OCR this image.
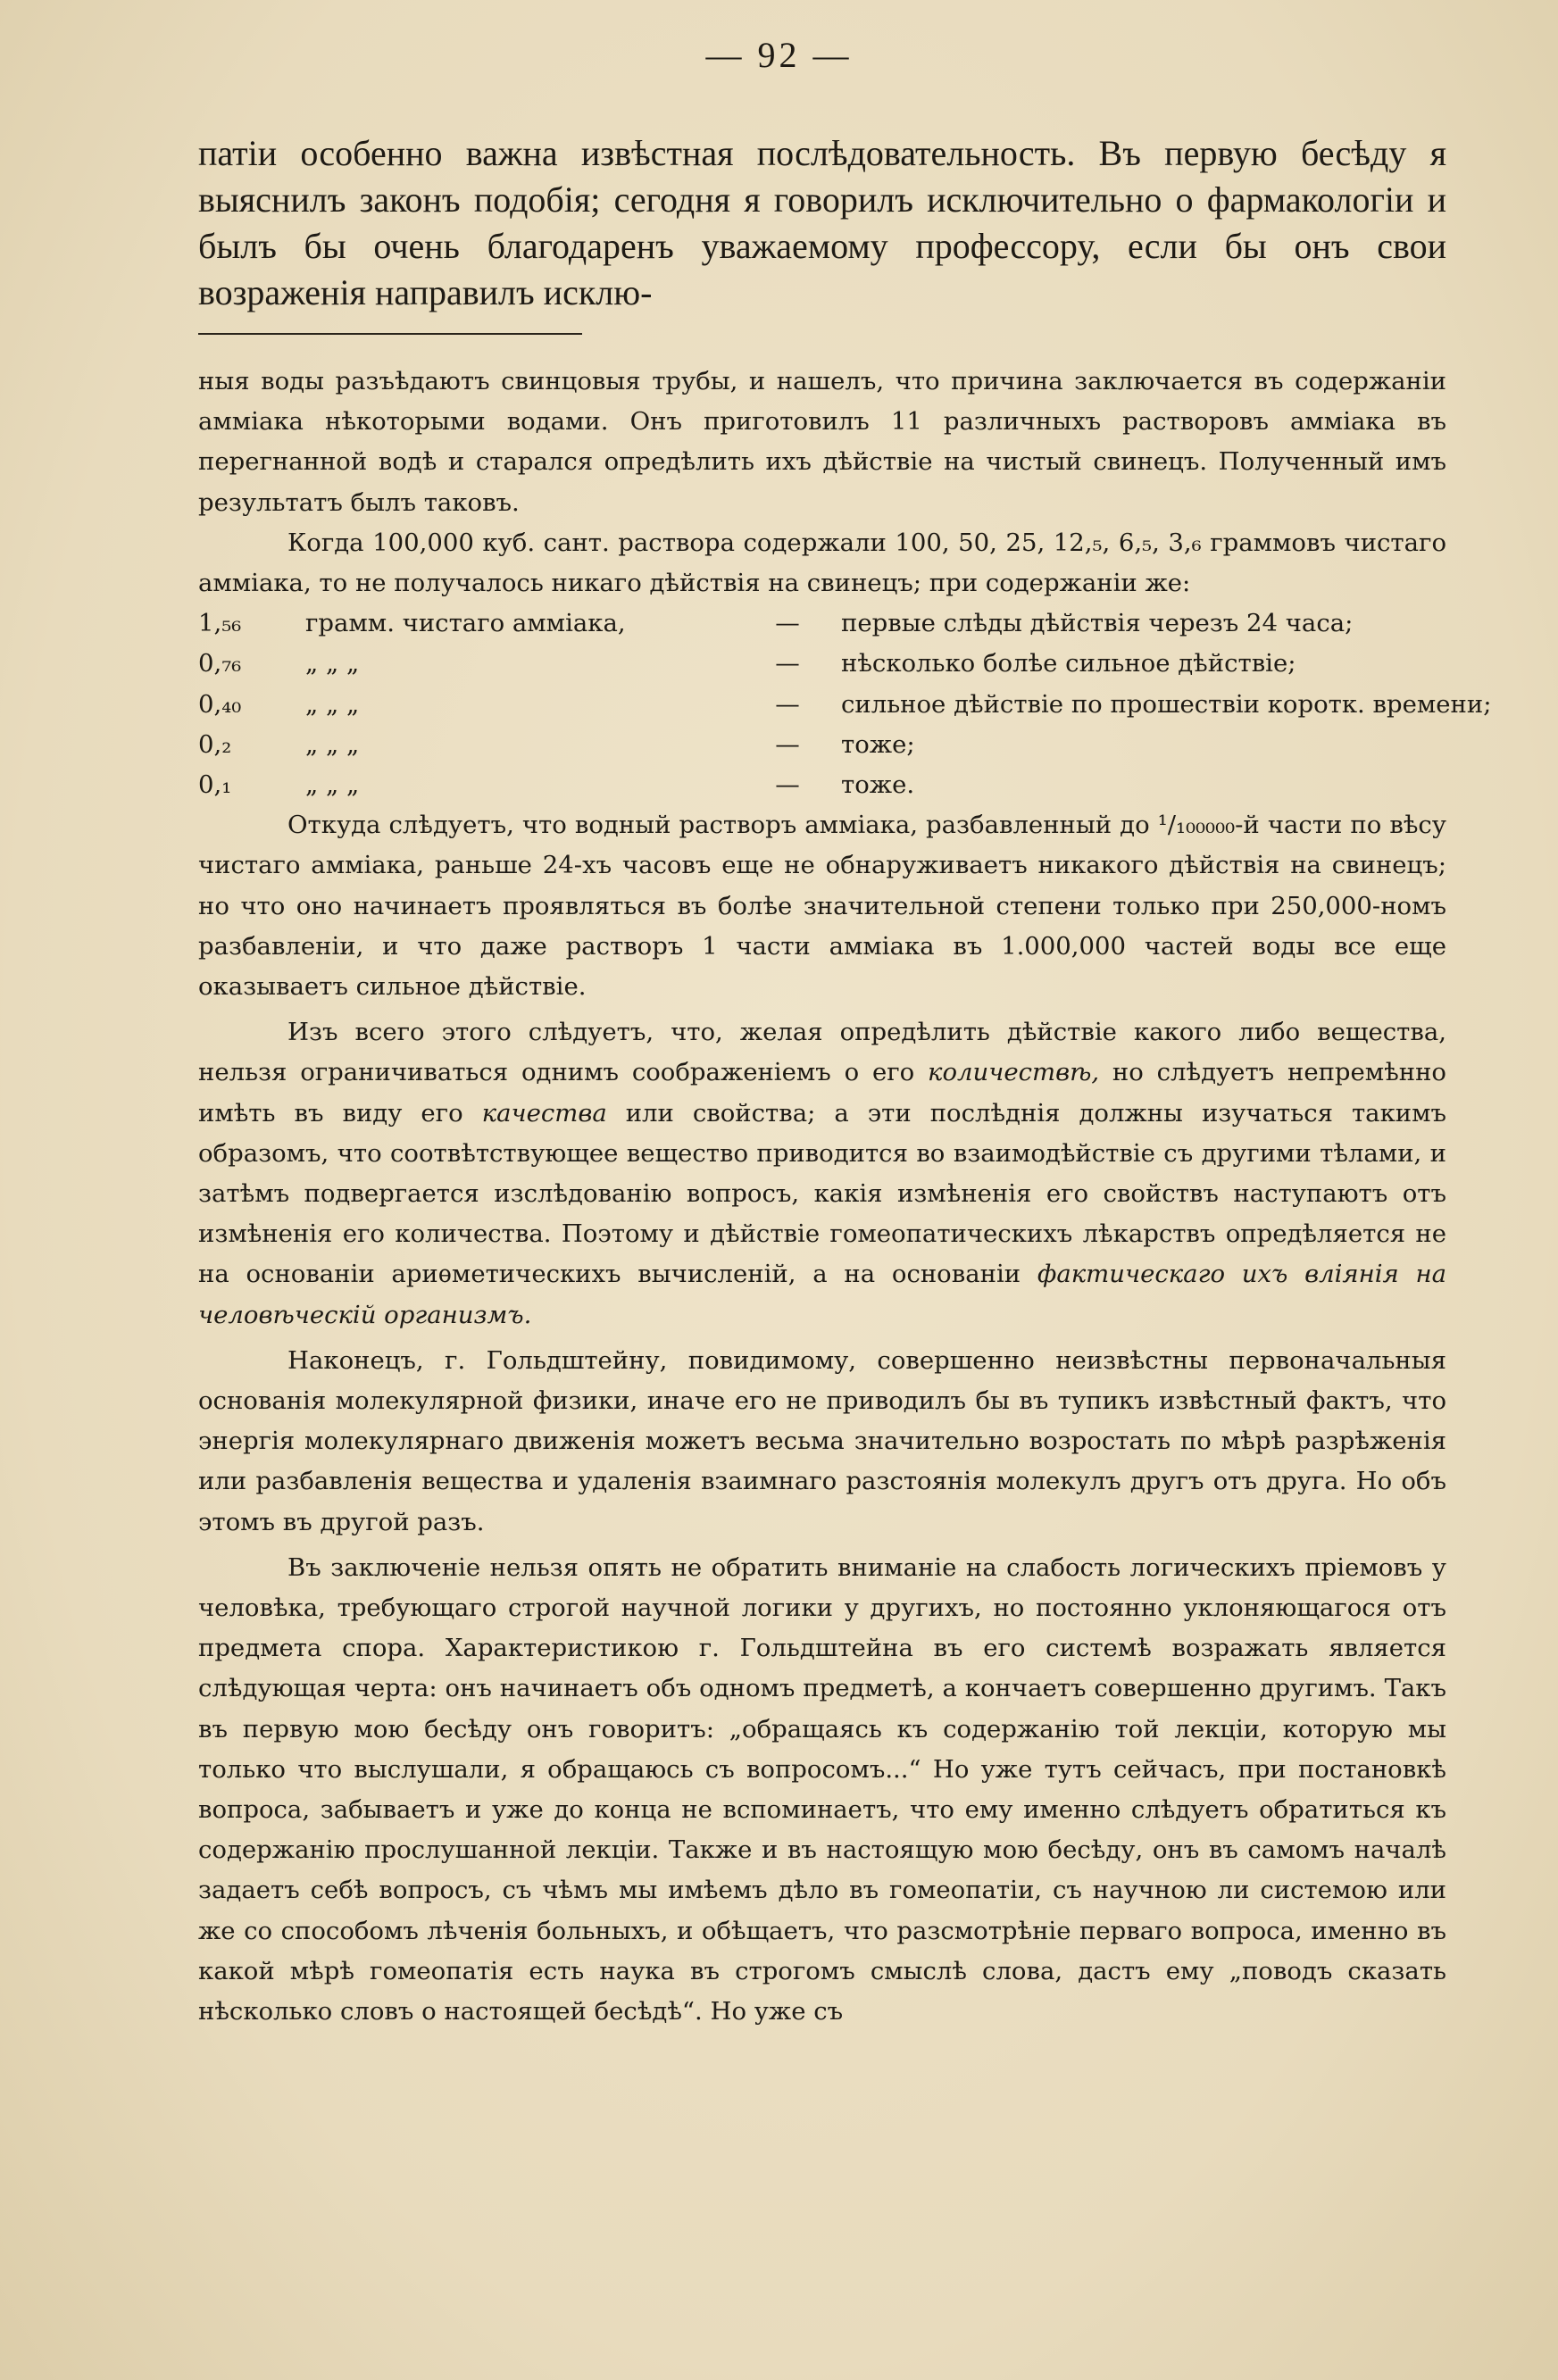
— 92 —

патіи особенно важна извѣстная послѣдовательность. Въ первую бесѣду я выяснилъ законъ подобія; сегодня я говорилъ исключительно о фармакологіи и былъ бы очень благодаренъ уважаемому профессору, если бы онъ свои возраженія направилъ исклю-

ныя воды разъѣдаютъ свинцовыя трубы, и нашелъ, что причина заключается въ содержаніи амміака нѣкоторыми водами. Онъ приготовилъ 11 различныхъ растворовъ амміака въ перегнанной водѣ и старался опредѣлить ихъ дѣйствіе на чистый свинецъ. Полученный имъ результатъ былъ таковъ.

Когда 100,000 куб. сант. раствора содержали 100, 50, 25, 12,₅, 6,₅, 3,₆ граммовъ чистаго амміака, то не получалось никаго дѣйствія на свинецъ; при содержаніи же:

1,₅₆	грамм. чистаго амміака,	—	первые слѣды дѣйствія черезъ 24 часа;
0,₇₆	„ „ „	—	нѣсколько болѣе сильное дѣйствіе;
0,₄₀	„ „ „	—	сильное дѣйствіе по прошествіи коротк. времени;
0,₂	„ „ „	—	тоже;
0,₁	„ „ „	—	тоже.

Откуда слѣдуетъ, что водный растворъ амміака, разбавленный до ¹/₁₀₀₀₀₀-й части по вѣсу чистаго амміака, раньше 24-хъ часовъ еще не обнаруживаетъ никакого дѣйствія на свинецъ; но что оно начинаетъ проявляться въ болѣе значительной степени только при 250,000-номъ разбавленіи, и что даже растворъ 1 части амміака въ 1.000,000 частей воды все еще оказываетъ сильное дѣйствіе.

Изъ всего этого слѣдуетъ, что, желая опредѣлить дѣйствіе какого либо вещества, нельзя ограничиваться однимъ соображеніемъ о его количествѣ, но слѣдуетъ непремѣнно имѣть въ виду его качества или свойства; а эти послѣднія должны изучаться такимъ образомъ, что соотвѣтствующее вещество приводится во взаимодѣйствіе съ другими тѣлами, и затѣмъ подвергается изслѣдованію вопросъ, какія измѣненія его свойствъ наступаютъ отъ измѣненія его количества. Поэтому и дѣйствіе гомеопатическихъ лѣкарствъ опредѣляется не на основаніи ариѳметическихъ вычисленій, а на основаніи фактическаго ихъ вліянія на человѣческій организмъ.

Наконецъ, г. Гольдштейну, повидимому, совершенно неизвѣстны первоначальныя основанія молекулярной физики, иначе его не приводилъ бы въ тупикъ извѣстный фактъ, что энергія молекулярнаго движенія можетъ весьма значительно возростать по мѣрѣ разрѣженія или разбавленія вещества и удаленія взаимнаго разстоянія молекулъ другъ отъ друга. Но объ этомъ въ другой разъ.

Въ заключеніе нельзя опять не обратить вниманіе на слабость логическихъ пріемовъ у человѣка, требующаго строгой научной логики у другихъ, но постоянно уклоняющагося отъ предмета спора. Характеристикою г. Гольдштейна въ его системѣ возражать является слѣдующая черта: онъ начинаетъ объ одномъ предметѣ, а кончаетъ совершенно другимъ. Такъ въ первую мою бесѣду онъ говоритъ: „обращаясь къ содержанію той лекціи, которую мы только что выслушали, я обращаюсь съ вопросомъ...“ Но уже тутъ сейчасъ, при постановкѣ вопроса, забываетъ и уже до конца не вспоминаетъ, что ему именно слѣдуетъ обратиться къ содержанію прослушанной лекціи. Также и въ настоящую мою бесѣду, онъ въ самомъ началѣ задаетъ себѣ вопросъ, съ чѣмъ мы имѣемъ дѣло въ гомеопатіи, съ научною ли системою или же со способомъ лѣченія больныхъ, и обѣщаетъ, что разсмотрѣніе перваго вопроса, именно въ какой мѣрѣ гомеопатія есть наука въ строгомъ смыслѣ слова, дастъ ему „поводъ сказать нѣсколько словъ о настоящей бесѣдѣ“. Но уже съ
